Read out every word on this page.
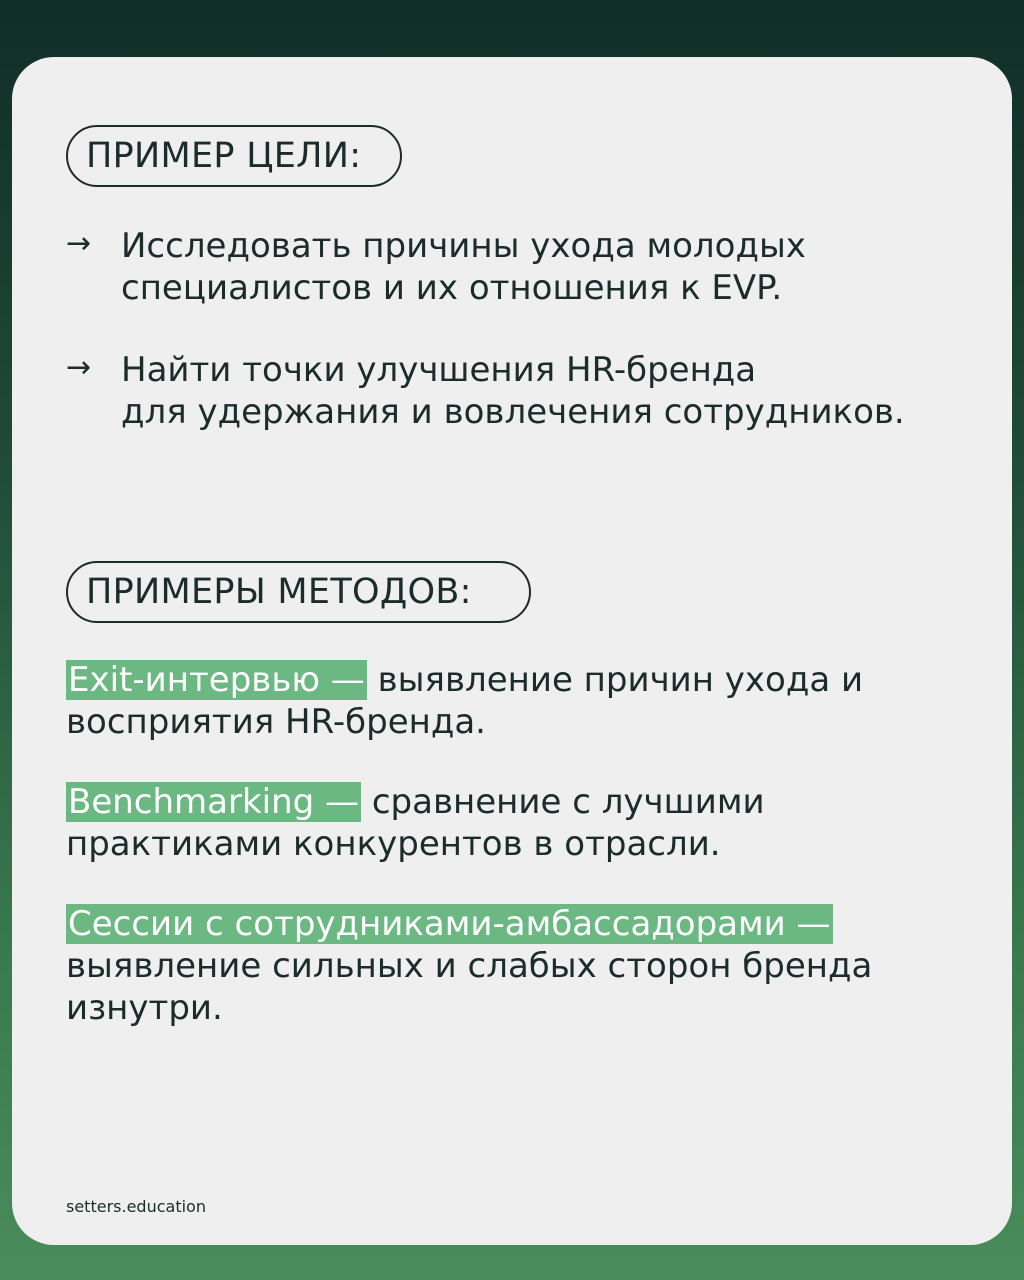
ПРИМЕР ЦЕЛИ:
→ Исследовать причины ухода молодых
специалистов и их отношения к EVP.
→ Найти точки улучшения HR-бренда
для удержания и вовлечения сотрудников.
ПРИМЕРЫ МЕТОДОВ:
Exit-интервью — выявление причин ухода и восприятия HR-бренда.
Benchmarking — сравнение с лучшими практиками конкурентов в отрасли.
Сессии с сотрудниками-амбассадорами — выявление сильных и слабых сторон бренда изнутри.
setters.education
